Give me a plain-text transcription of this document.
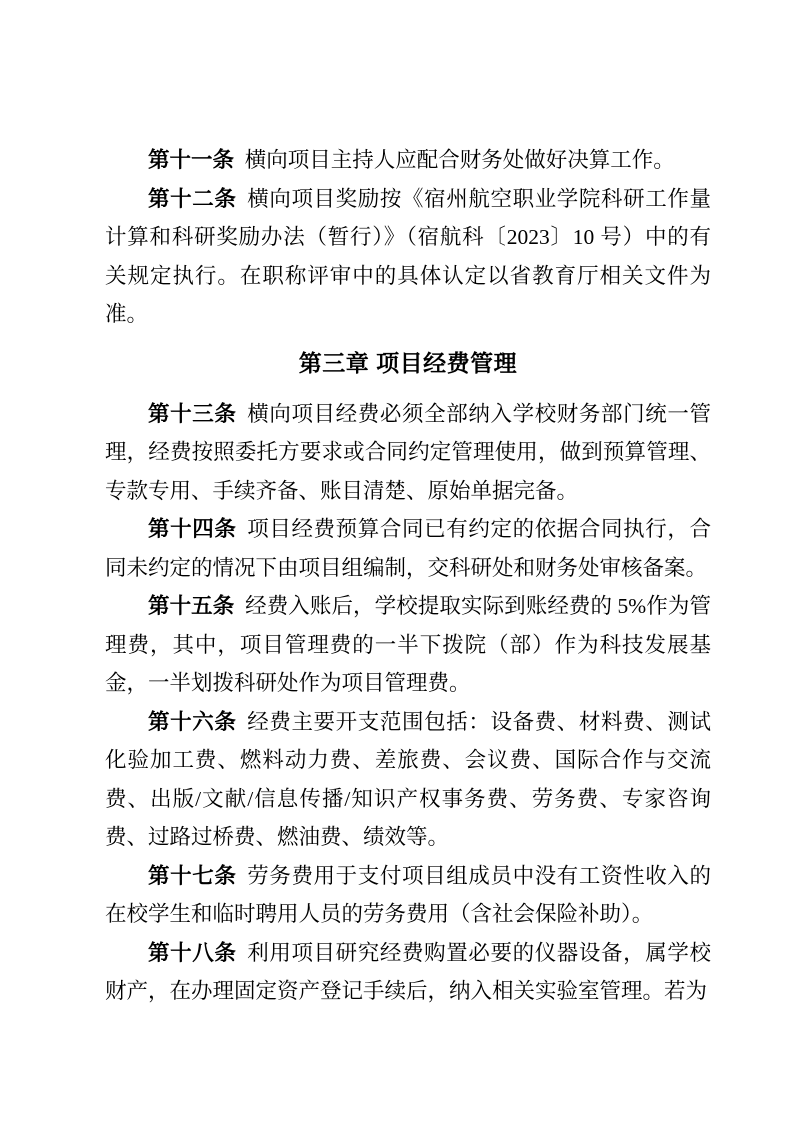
第十一条 横向项目主持人应配合财务处做好决算工作。

第十二条 横向项目奖励按《宿州航空职业学院科研工作量计算和科研奖励办法（暂行）》（宿航科〔2023〕10 号）中的有关规定执行。在职称评审中的具体认定以省教育厅相关文件为准。

第三章 项目经费管理

第十三条 横向项目经费必须全部纳入学校财务部门统一管理，经费按照委托方要求或合同约定管理使用，做到预算管理、专款专用、手续齐备、账目清楚、原始单据完备。

第十四条 项目经费预算合同已有约定的依据合同执行，合同未约定的情况下由项目组编制，交科研处和财务处审核备案。

第十五条 经费入账后，学校提取实际到账经费的 5%作为管理费，其中，项目管理费的一半下拨院（部）作为科技发展基金，一半划拨科研处作为项目管理费。

第十六条 经费主要开支范围包括：设备费、材料费、测试化验加工费、燃料动力费、差旅费、会议费、国际合作与交流费、出版/文献/信息传播/知识产权事务费、劳务费、专家咨询费、过路过桥费、燃油费、绩效等。

第十七条 劳务费用于支付项目组成员中没有工资性收入的在校学生和临时聘用人员的劳务费用（含社会保险补助）。

第十八条 利用项目研究经费购置必要的仪器设备，属学校财产，在办理固定资产登记手续后，纳入相关实验室管理。若为
